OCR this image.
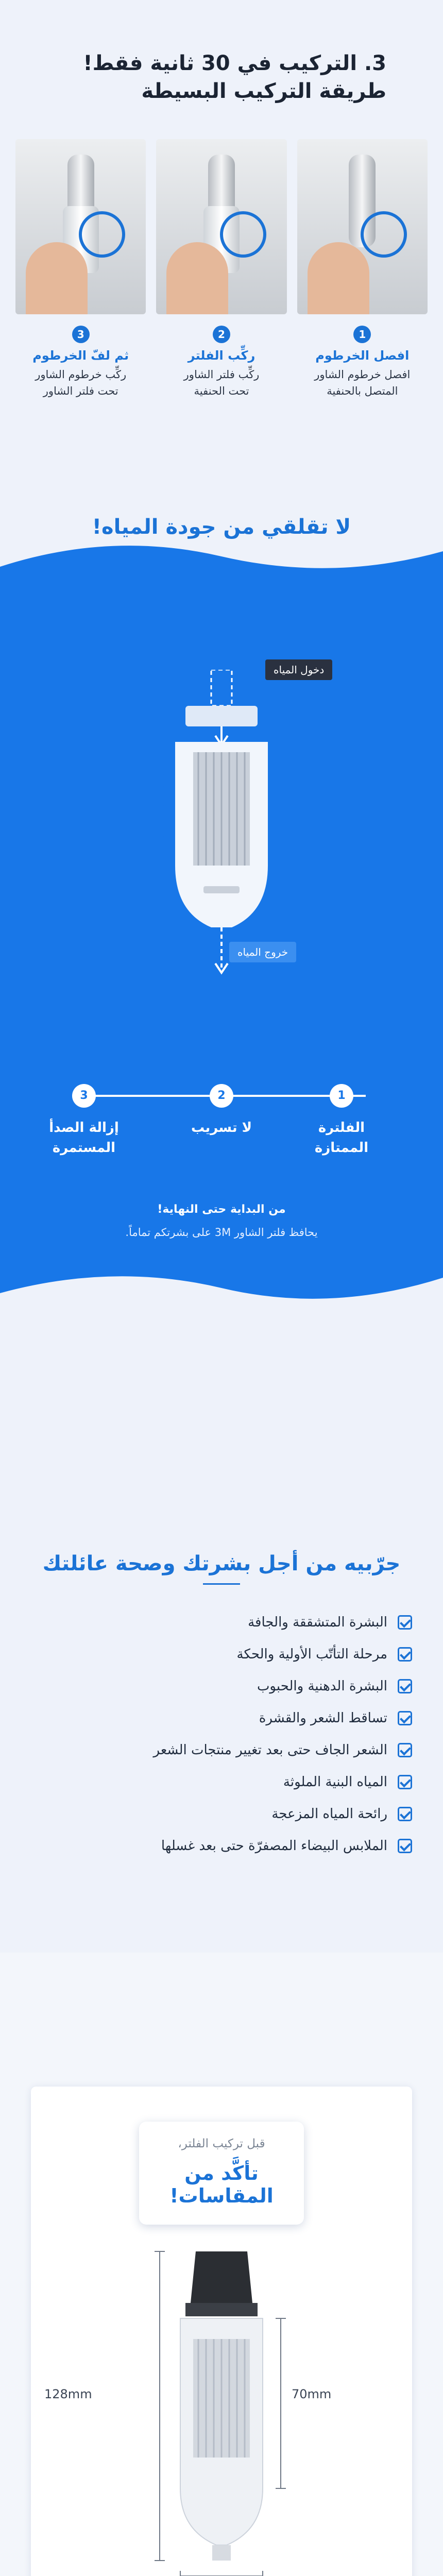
3. التركيب في 30 ثانية فقط!
طريقة التركيب البسيطة
3
ثم لفّ الخرطوم
ركِّب خرطوم الشاور
تحت فلتر الشاور
2
ركِّب الفلتر
ركِّب فلتر الشاور
تحت الحنفية
1
افصل الخرطوم
افصل خرطوم الشاور
المتصل بالحنفية
لا تقلقي من جودة المياه!
دخول المياه
خروج المياه
1
2
3
الفلترة
الممتازة
لا تسريب
إزالة الصدأ
المستمرة
من البداية حتى النهاية!
يحافظ فلتر الشاور 3M على بشرتكم تماماً.
جرّبيه من أجل بشرتك وصحة عائلتك
البشرة المتشققة والجافة
مرحلة التأتّب الأولية والحكة
البشرة الدهنية والحبوب
تساقط الشعر والقشرة
الشعر الجاف حتى بعد تغيير منتجات الشعر
المياه البنية الملوثة
رائحة المياه المزعجة
الملابس البيضاء المصفرّة حتى بعد غسلها
قبل تركيب الفلتر،
تأكَّد من المقاسات!
128mm	70mm
